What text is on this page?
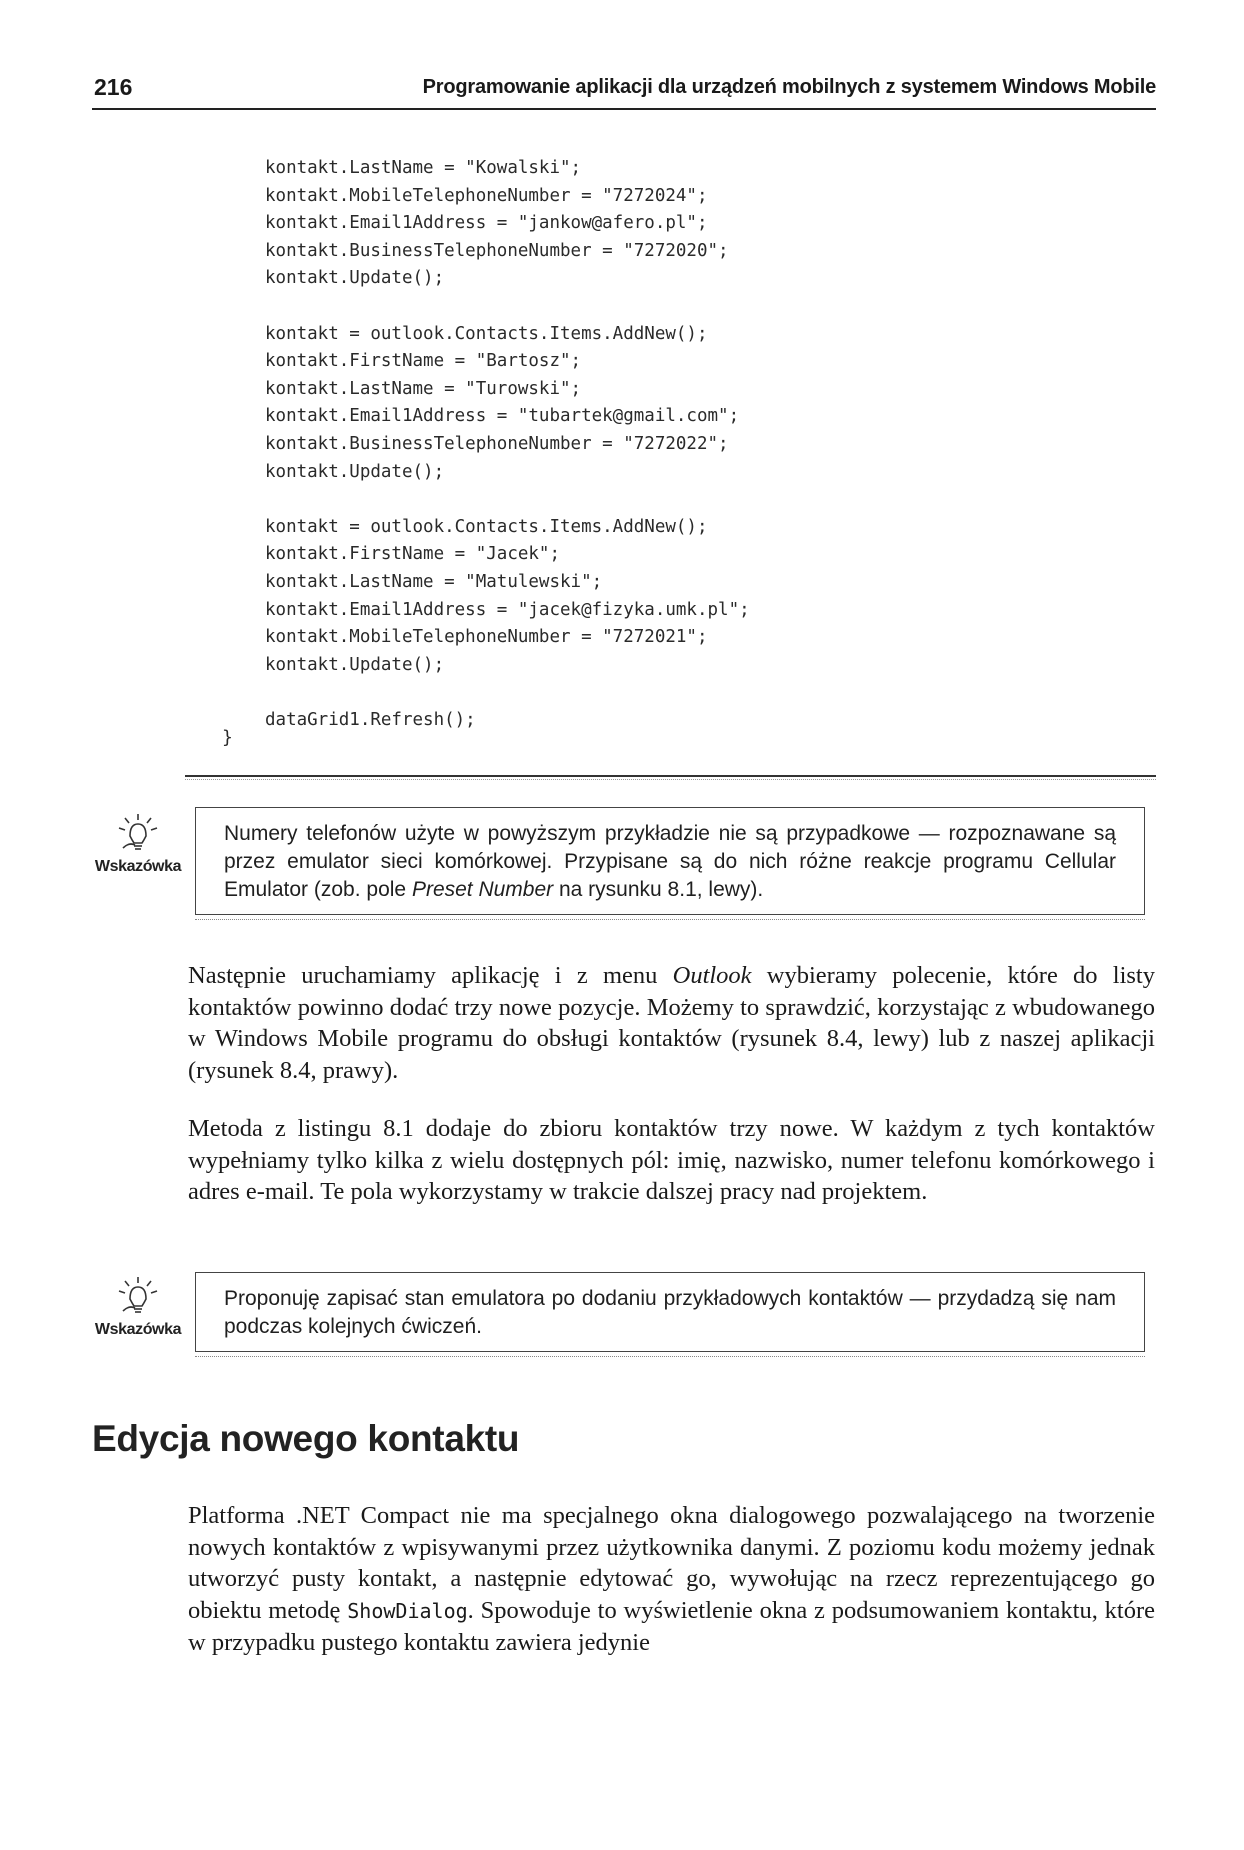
216	Programowanie aplikacji dla urządzeń mobilnych z systemem Windows Mobile
kontakt.LastName = "Kowalski";
kontakt.MobileTelephoneNumber = "7272024";
kontakt.Email1Address = "jankow@afero.pl";
kontakt.BusinessTelephoneNumber = "7272020";
kontakt.Update();
kontakt = outlook.Contacts.Items.AddNew();
kontakt.FirstName = "Bartosz";
kontakt.LastName = "Turowski";
kontakt.Email1Address = "tubartek@gmail.com";
kontakt.BusinessTelephoneNumber = "7272022";
kontakt.Update();
kontakt = outlook.Contacts.Items.AddNew();
kontakt.FirstName = "Jacek";
kontakt.LastName = "Matulewski";
kontakt.Email1Address = "jacek@fizyka.umk.pl";
kontakt.MobileTelephoneNumber = "7272021";
kontakt.Update();
dataGrid1.Refresh();
}
Wskazówka
Numery telefonów użyte w powyższym przykładzie nie są przypadkowe — rozpoznawane są przez emulator sieci komórkowej. Przypisane są do nich różne reakcje programu Cellular Emulator (zob. pole Preset Number na rysunku 8.1, lewy).

Następnie uruchamiamy aplikację i z menu Outlook wybieramy polecenie, które do listy kontaktów powinno dodać trzy nowe pozycje. Możemy to sprawdzić, korzystając z wbudowanego w Windows Mobile programu do obsługi kontaktów (rysunek 8.4, lewy) lub z naszej aplikacji (rysunek 8.4, prawy).

Metoda z listingu 8.1 dodaje do zbioru kontaktów trzy nowe. W każdym z tych kontaktów wypełniamy tylko kilka z wielu dostępnych pól: imię, nazwisko, numer telefonu komórkowego i adres e-mail. Te pola wykorzystamy w trakcie dalszej pracy nad projektem.

Wskazówka
Proponuję zapisać stan emulatora po dodaniu przykładowych kontaktów — przydadzą się nam podczas kolejnych ćwiczeń.
Edycja nowego kontaktu

Platforma .NET Compact nie ma specjalnego okna dialogowego pozwalającego na tworzenie nowych kontaktów z wpisywanymi przez użytkownika danymi. Z poziomu kodu możemy jednak utworzyć pusty kontakt, a następnie edytować go, wywołując na rzecz reprezentującego go obiektu metodę ShowDialog. Spowoduje to wyświetlenie okna z podsumowaniem kontaktu, które w przypadku pustego kontaktu zawiera jedynie
